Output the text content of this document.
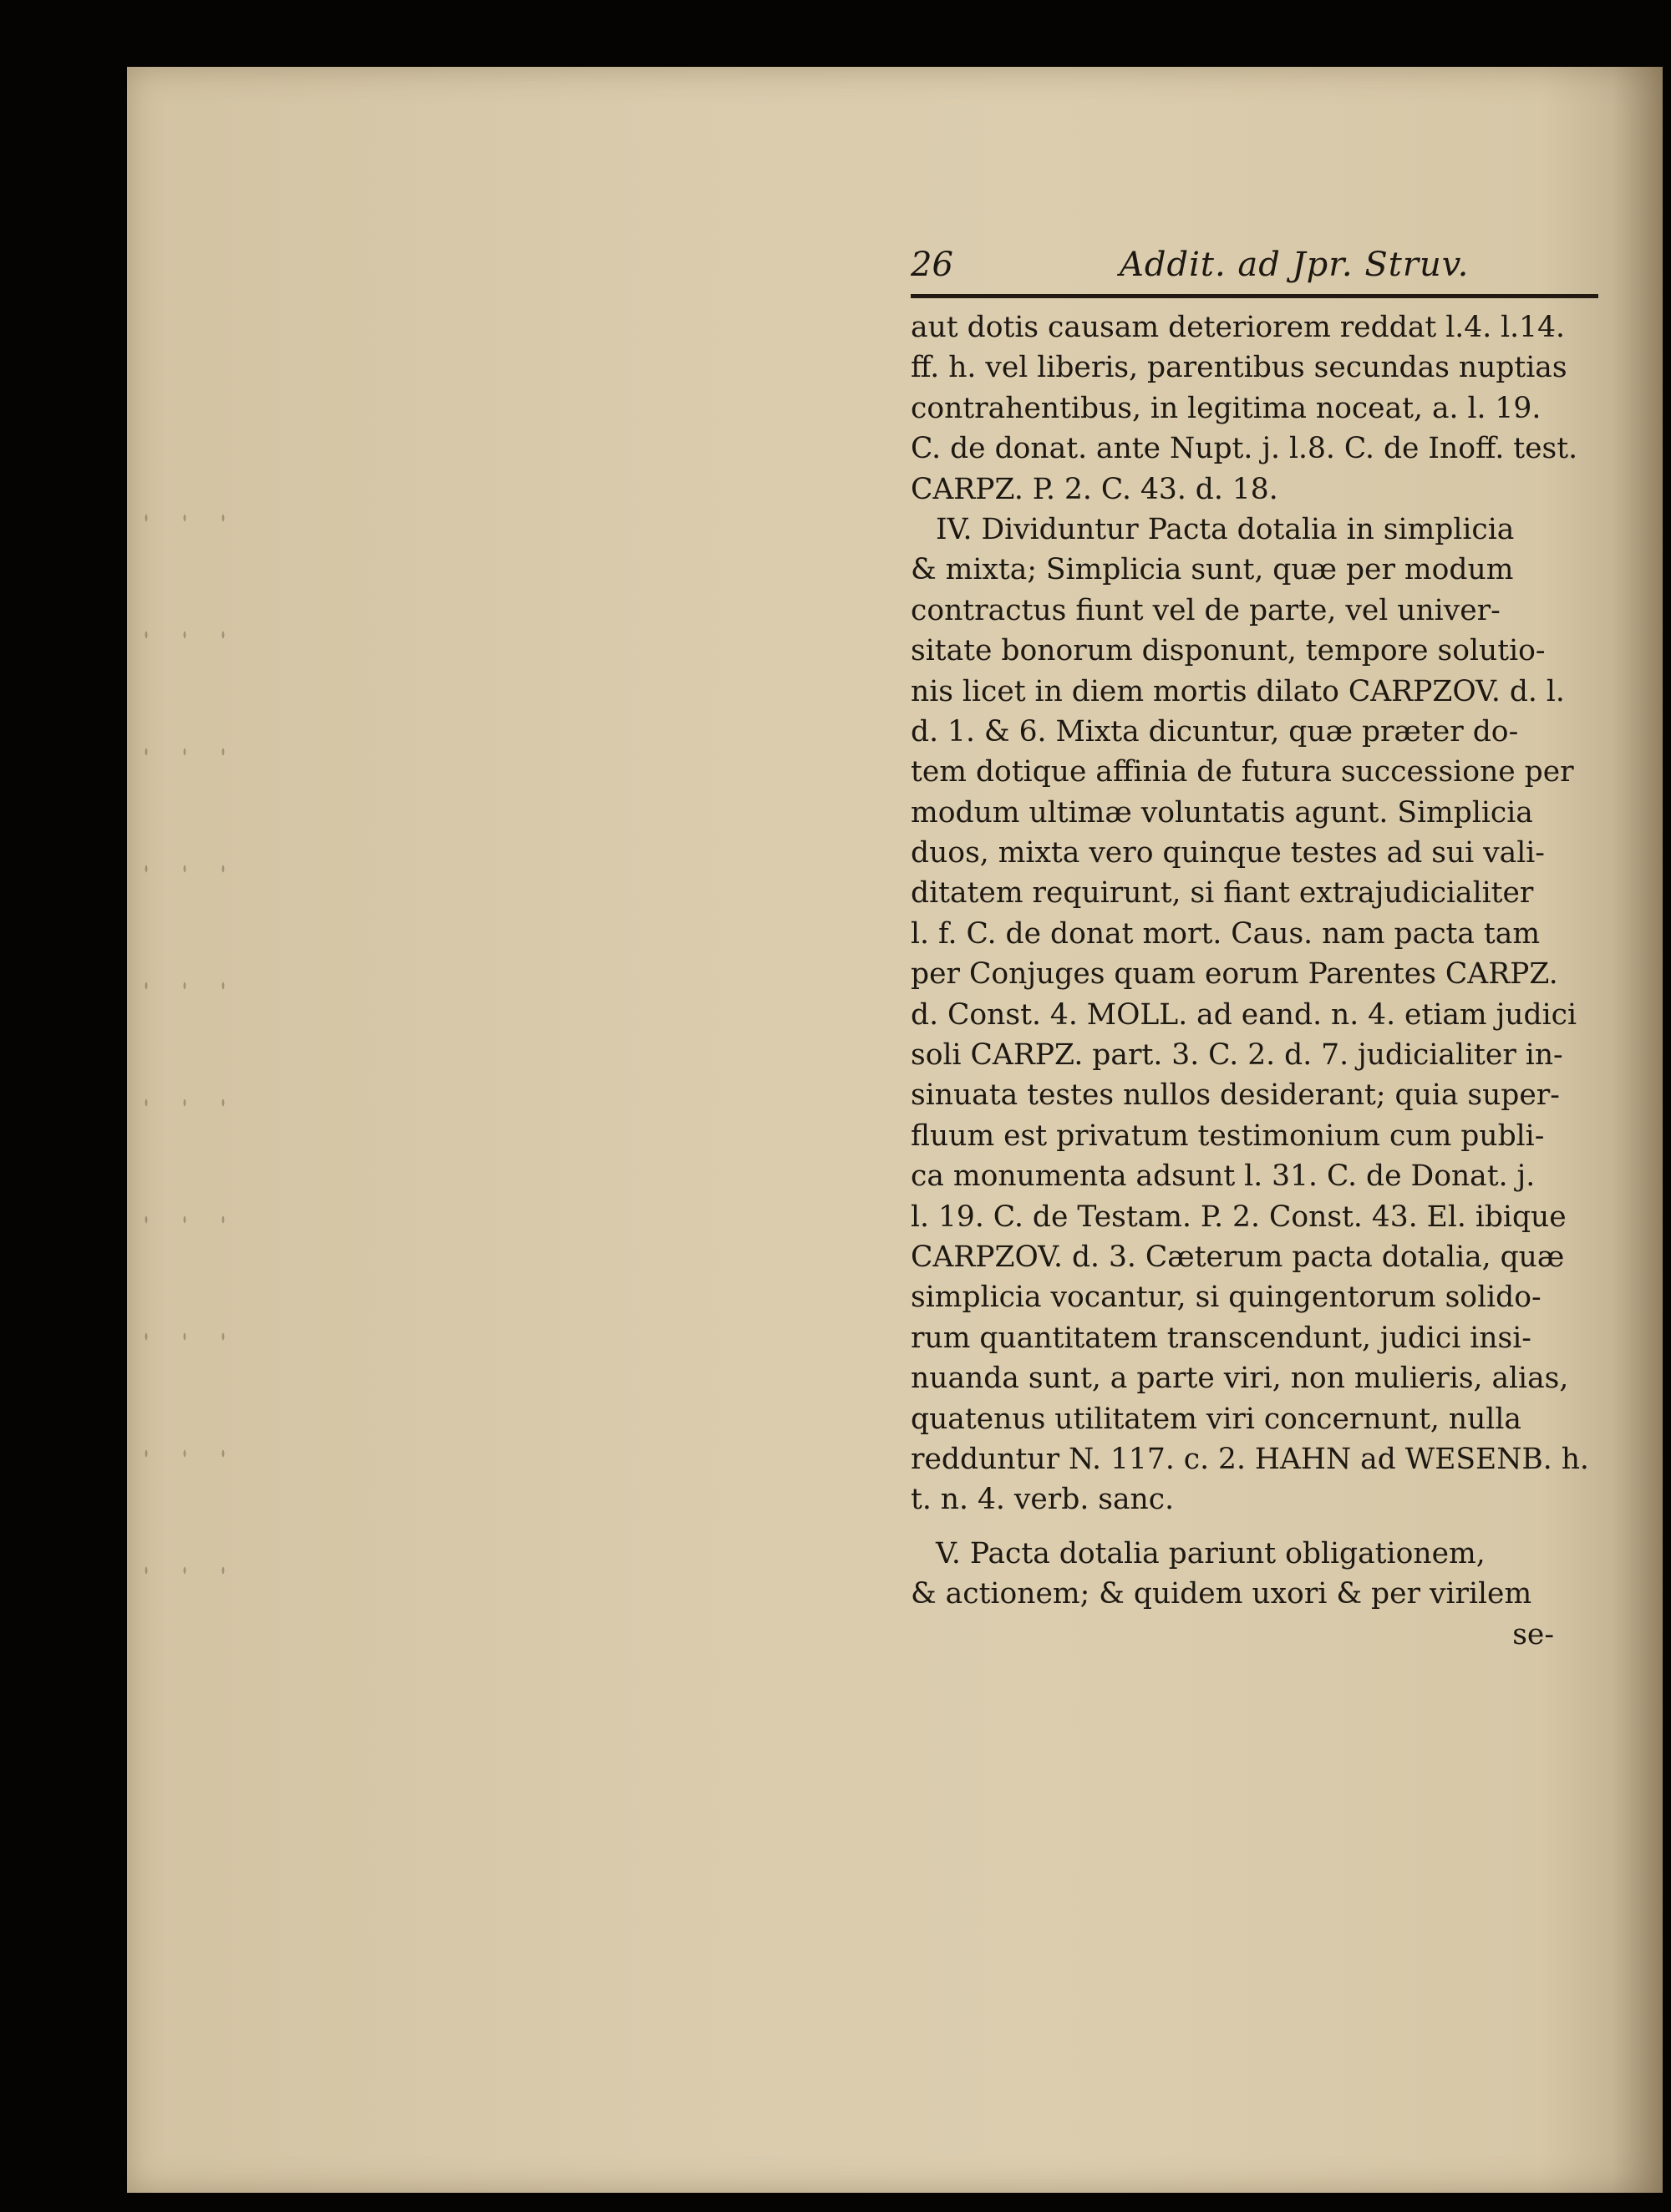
26	Addit. ad Jpr. Struv.
aut dotis causam deteriorem reddat l.4. l.14.
ff. h. vel liberis, parentibus secundas nuptias
contrahentibus, in legitima noceat, a. l. 19.
C. de donat. ante Nupt. j. l.8. C. de Inoff. test.
CARPZ. P. 2. C. 43. d. 18.
IV. Dividuntur Pacta dotalia in simplicia
& mixta; Simplicia sunt, quæ per modum
contractus fiunt vel de parte, vel univer-
sitate bonorum disponunt, tempore solutio-
nis licet in diem mortis dilato CARPZOV. d. l.
d. 1. & 6. Mixta dicuntur, quæ præter do-
tem dotique affinia de futura successione per
modum ultimæ voluntatis agunt. Simplicia
duos, mixta vero quinque testes ad sui vali-
ditatem requirunt, si fiant extrajudicialiter
l. f. C. de donat mort. Caus. nam pacta tam
per Conjuges quam eorum Parentes CARPZ.
d. Const. 4. MOLL. ad eand. n. 4. etiam judici
soli CARPZ. part. 3. C. 2. d. 7. judicialiter in-
sinuata testes nullos desiderant; quia super-
fluum est privatum testimonium cum publi-
ca monumenta adsunt l. 31. C. de Donat. j.
l. 19. C. de Testam. P. 2. Const. 43. El. ibique
CARPZOV. d. 3. Cæterum pacta dotalia, quæ
simplicia vocantur, si quingentorum solido-
rum quantitatem transcendunt, judici insi-
nuanda sunt, a parte viri, non mulieris, alias,
quatenus utilitatem viri concernunt, nulla
redduntur N. 117. c. 2. HAHN ad WESENB. h.
t. n. 4. verb. sanc.
V. Pacta dotalia pariunt obligationem,
& actionem; & quidem uxori & per virilem
se-
